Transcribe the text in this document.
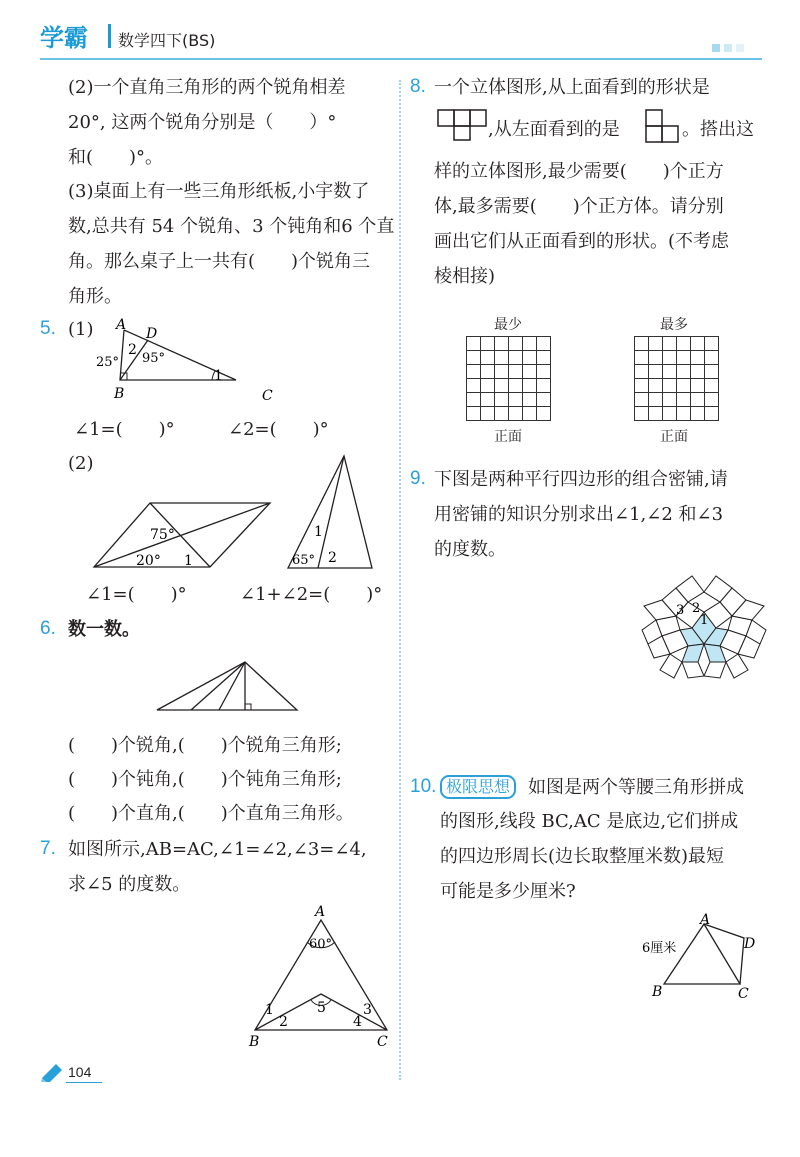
学霸 数学四下(BS)
(2)一个直角三角形的两个锐角相差
20°, 这两个锐角分别是（　　）°
和(　　)°。
(3)桌面上有一些三角形纸板,小宇数了
数,总共有 54 个锐角、3 个钝角和6 个直
角。那么桌子上一共有(　　)个锐角三
角形。
5. (1) A
D
B	C
2
1
25° 95°
∠1=(　　)°	∠2=(　　)°
(2)
75°
20° 1
1
2
65°
∠1=(　　)°	∠1+∠2=(　　)°
6. 数一数。
(　　)个锐角,(　　)个锐角三角形;
(　　)个钝角,(　　)个钝角三角形;
(　　)个直角,(　　)个直角三角形。
7. 如图所示,AB=AC,∠1=∠2,∠3=∠4,
求∠5 的度数。
A
B	C
60°
1
2
3
4
5
8. 一个立体图形,从上面看到的形状是
,从左面看到的是	。搭出这
样的立体图形,最少需要(　　)个正方
体,最多需要(　　)个正方体。请分别
画出它们从正面看到的形状。(不考虑
棱相接)
最少	最多
正面	正面
9. 下图是两种平行四边形的组合密铺,请
用密铺的知识分别求出∠1,∠2 和∠3
的度数。
3 2
1
10. 极限思想 如图是两个等腰三角形拼成
的图形,线段 BC,AC 是底边,它们拼成
的四边形周长(边长取整厘米数)最短
可能是多少厘米?
A
D
B	C
6厘米
104
